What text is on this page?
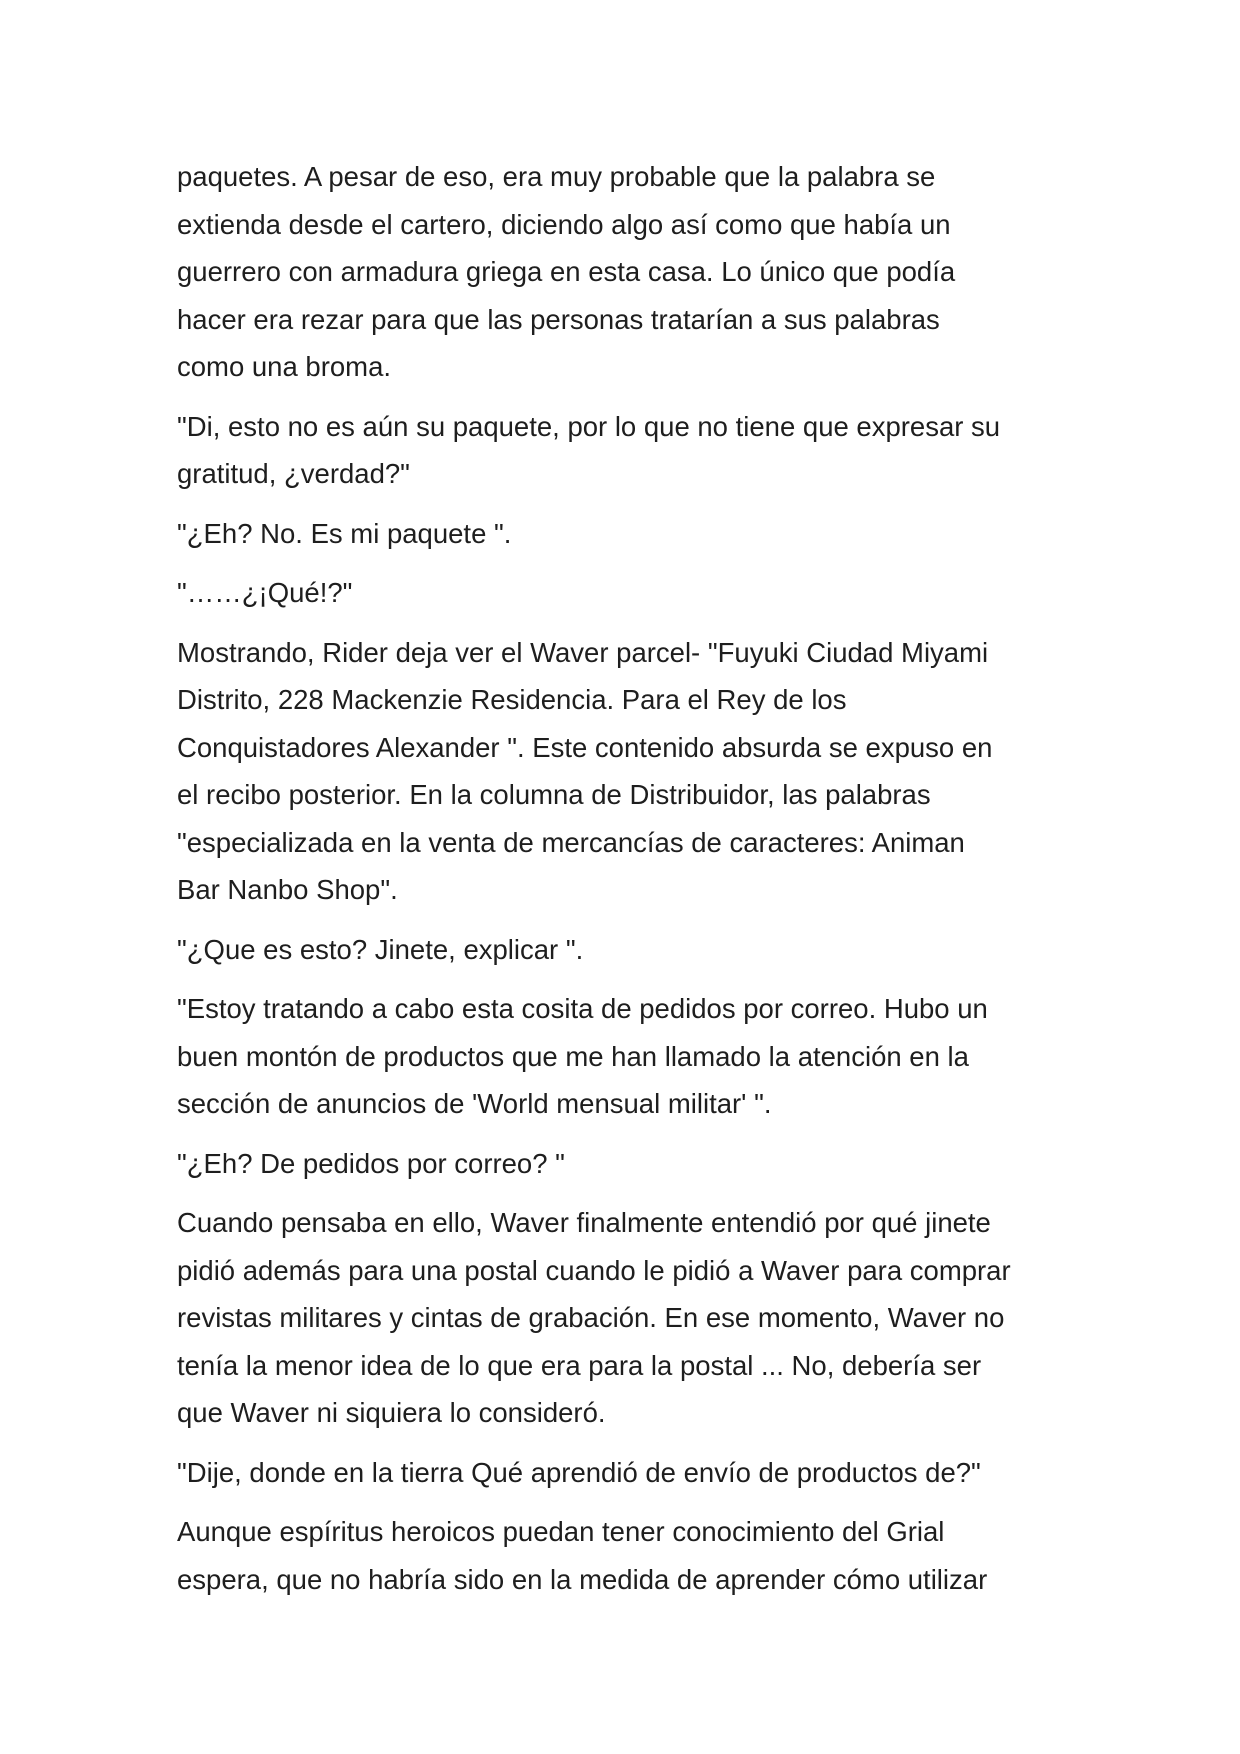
paquetes. A pesar de eso, era muy probable que la palabra se
extienda desde el cartero, diciendo algo así como que había un
guerrero con armadura griega en esta casa. Lo único que podía
hacer era rezar para que las personas tratarían a sus palabras
como una broma.

"Di, esto no es aún su paquete, por lo que no tiene que expresar su
gratitud, ¿verdad?"

"¿Eh? No. Es mi paquete ".

"……¿¡Qué!?"

Mostrando, Rider deja ver el Waver parcel- "Fuyuki Ciudad Miyami
Distrito, 228 Mackenzie Residencia. Para el Rey de los
Conquistadores Alexander ". Este contenido absurda se expuso en
el recibo posterior. En la columna de Distribuidor, las palabras
"especializada en la venta de mercancías de caracteres: Animan
Bar Nanbo Shop".

"¿Que es esto? Jinete, explicar ".

"Estoy tratando a cabo esta cosita de pedidos por correo. Hubo un
buen montón de productos que me han llamado la atención en la
sección de anuncios de 'World mensual militar' ".

"¿Eh? De pedidos por correo? "

Cuando pensaba en ello, Waver finalmente entendió por qué jinete
pidió además para una postal cuando le pidió a Waver para comprar
revistas militares y cintas de grabación. En ese momento, Waver no
tenía la menor idea de lo que era para la postal ... No, debería ser
que Waver ni siquiera lo consideró.

"Dije, donde en la tierra Qué aprendió de envío de productos de?"

Aunque espíritus heroicos puedan tener conocimiento del Grial
espera, que no habría sido en la medida de aprender cómo utilizar
